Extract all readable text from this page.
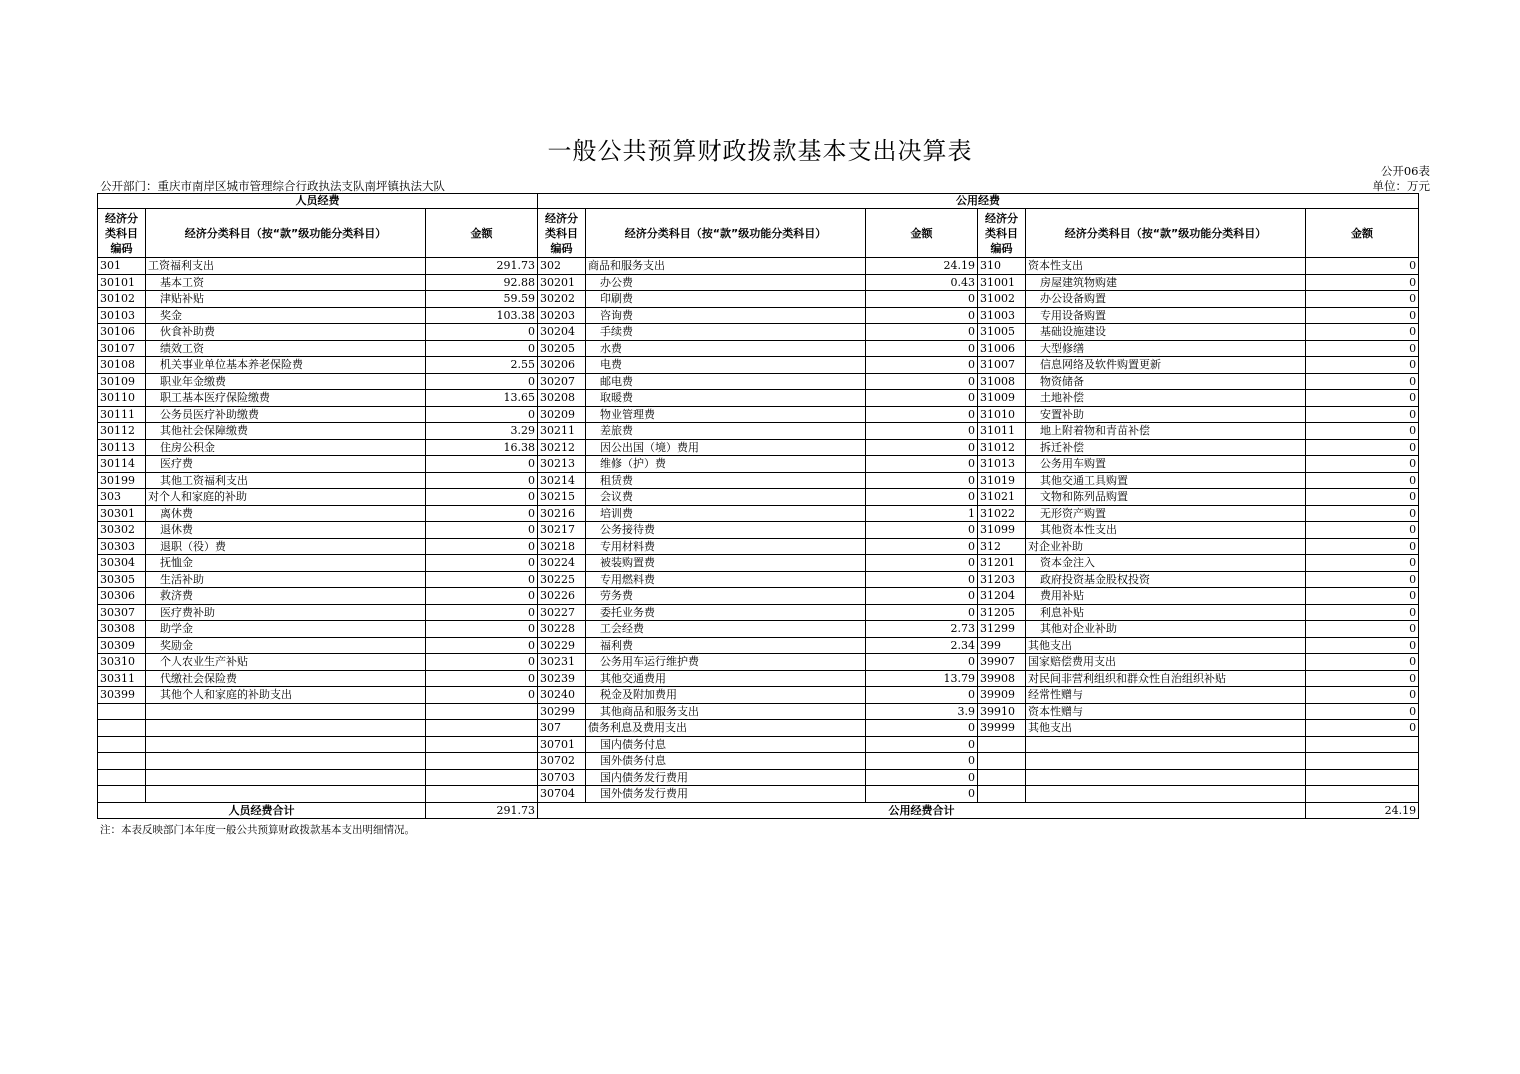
一般公共预算财政拨款基本支出决算表
公开06表
公开部门：重庆市南岸区城市管理综合行政执法支队南坪镇执法大队	单位：万元
人员经费			公用经费					
经济分类科目编码	经济分类科目（按“款”级功能分类科目）	金额	经济分类科目编码	经济分类科目（按“款”级功能分类科目）	金额	经济分类科目编码	经济分类科目（按“款”级功能分类科目）	金额
301	工资福利支出	291.73	302	商品和服务支出	24.19	310	资本性支出	0
30101	基本工资	92.88	30201	办公费	0.43	31001	房屋建筑物购建	0
30102	津贴补贴	59.59	30202	印刷费	0	31002	办公设备购置	0
30103	奖金	103.38	30203	咨询费	0	31003	专用设备购置	0
30106	伙食补助费	0	30204	手续费	0	31005	基础设施建设	0
30107	绩效工资	0	30205	水费	0	31006	大型修缮	0
30108	机关事业单位基本养老保险费	2.55	30206	电费	0	31007	信息网络及软件购置更新	0
30109	职业年金缴费	0	30207	邮电费	0	31008	物资储备	0
30110	职工基本医疗保险缴费	13.65	30208	取暖费	0	31009	土地补偿	0
30111	公务员医疗补助缴费	0	30209	物业管理费	0	31010	安置补助	0
30112	其他社会保障缴费	3.29	30211	差旅费	0	31011	地上附着物和青苗补偿	0
30113	住房公积金	16.38	30212	因公出国（境）费用	0	31012	拆迁补偿	0
30114	医疗费	0	30213	维修（护）费	0	31013	公务用车购置	0
30199	其他工资福利支出	0	30214	租赁费	0	31019	其他交通工具购置	0
303	对个人和家庭的补助	0	30215	会议费	0	31021	文物和陈列品购置	0
30301	离休费	0	30216	培训费	1	31022	无形资产购置	0
30302	退休费	0	30217	公务接待费	0	31099	其他资本性支出	0
30303	退职（役）费	0	30218	专用材料费	0	312	对企业补助	0
30304	抚恤金	0	30224	被装购置费	0	31201	资本金注入	0
30305	生活补助	0	30225	专用燃料费	0	31203	政府投资基金股权投资	0
30306	救济费	0	30226	劳务费	0	31204	费用补贴	0
30307	医疗费补助	0	30227	委托业务费	0	31205	利息补贴	0
30308	助学金	0	30228	工会经费	2.73	31299	其他对企业补助	0
30309	奖励金	0	30229	福利费	2.34	399	其他支出	0
30310	个人农业生产补贴	0	30231	公务用车运行维护费	0	39907	国家赔偿费用支出	0
30311	代缴社会保险费	0	30239	其他交通费用	13.79	39908	对民间非营利组织和群众性自治组织补贴	0
30399	其他个人和家庭的补助支出	0	30240	税金及附加费用	0	39909	经常性赠与	0
			30299	其他商品和服务支出	3.9	39910	资本性赠与	0
			307	债务利息及费用支出	0	39999	其他支出	0
			30701	国内债务付息	0			
			30702	国外债务付息	0			
			30703	国内债务发行费用	0			
			30704	国外债务发行费用	0			
人员经费合计		291.73	公用经费合计					24.19
注：本表反映部门本年度一般公共预算财政拨款基本支出明细情况。
